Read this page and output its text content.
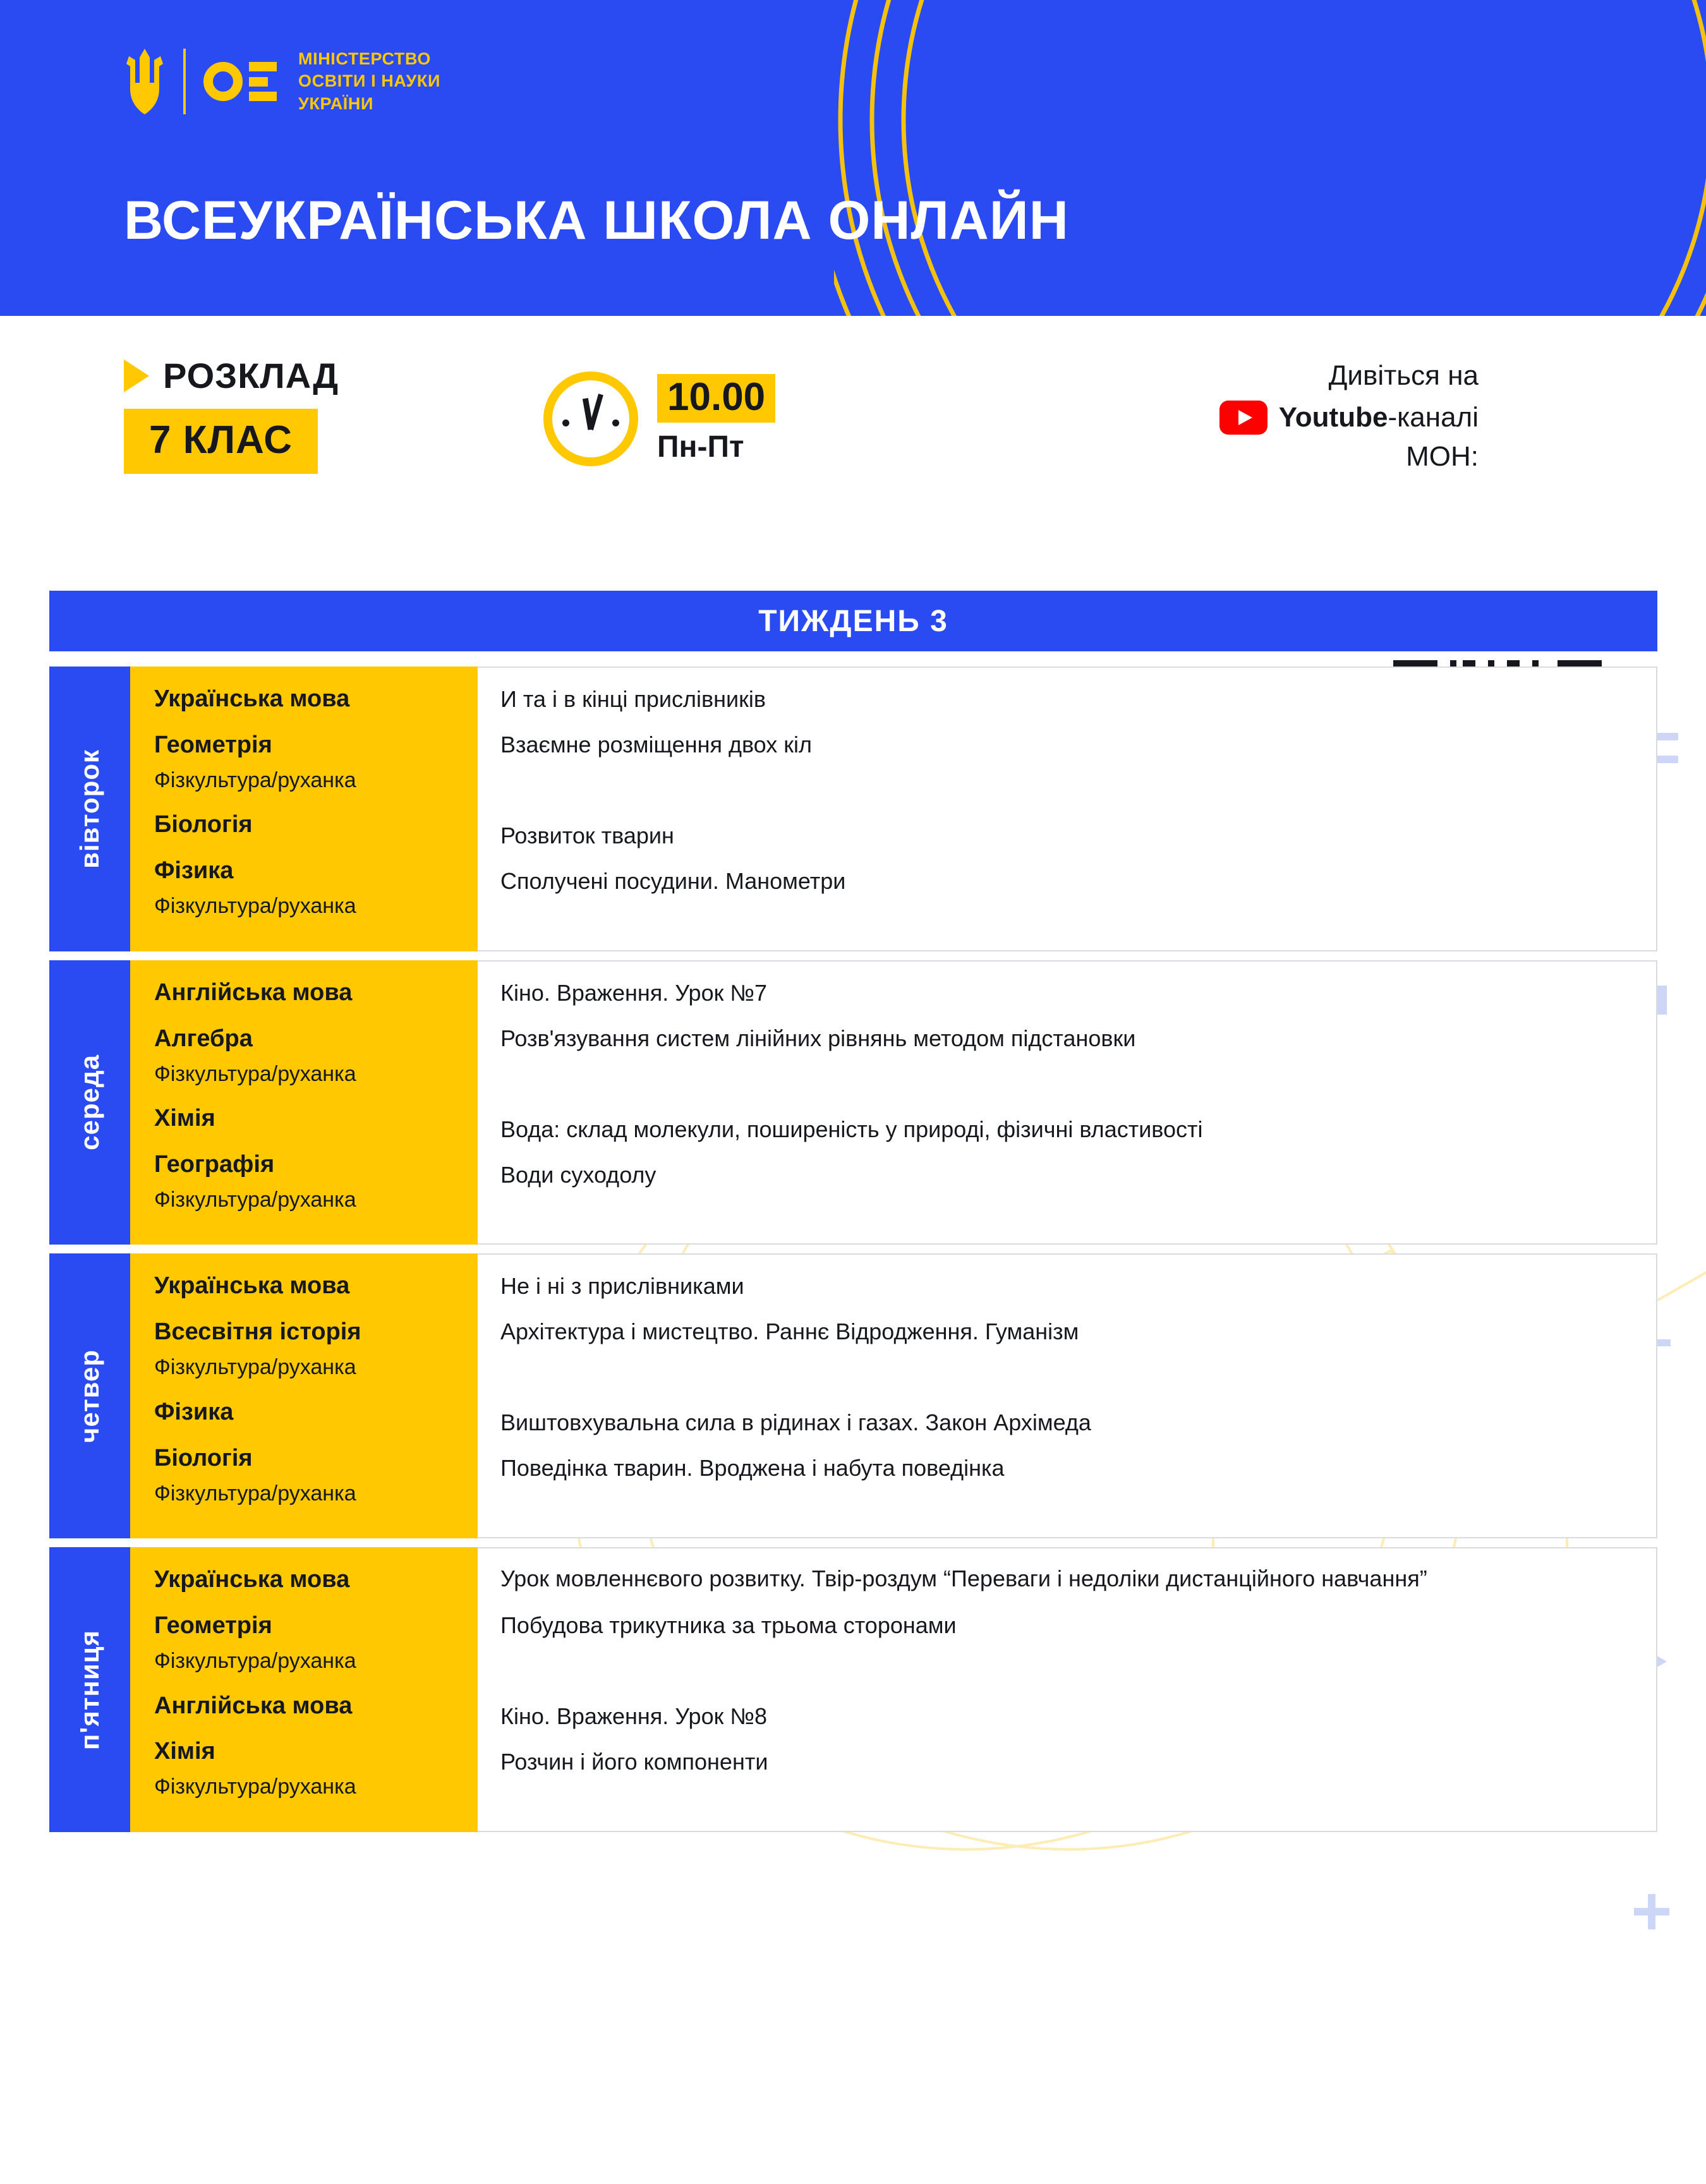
МІНІСТЕРСТВО
ОСВІТИ І НАУКИ
УКРАЇНИ
ВСЕУКРАЇНСЬКА ШКОЛА ОНЛАЙН
РОЗКЛАД
7 КЛАС
10.00
Пн-Пт
Дивіться на
Youtube-каналі
МОН:
ТИЖДЕНЬ 3
вівторок
Українська мова
Геометрія
Фізкультура/руханка
Біологія
Фізика
Фізкультура/руханка
И та і в кінці прислівників
Взаємне розміщення двох кіл
Розвиток тварин
Сполучені посудини. Манометри
середа
Англійська мова
Алгебра
Фізкультура/руханка
Хімія
Географія
Фізкультура/руханка
Кіно. Враження. Урок №7
Розв'язування систем лінійних рівнянь методом підстановки
Вода: склад молекули, поширеність у природі, фізичні властивості
Води суходолу
четвер
Українська мова
Всесвітня історія
Фізкультура/руханка
Фізика
Біологія
Фізкультура/руханка
Не і ні з прислівниками
Архітектура і мистецтво. Раннє Відродження. Гуманізм
Виштовхувальна сила в рідинах і газах. Закон Архімеда
Поведінка тварин. Вроджена і набута поведінка
п'ятниця
Українська мова
Геометрія
Фізкультура/руханка
Англійська мова
Хімія
Фізкультура/руханка
Урок мовленнєвого розвитку. Твір-роздум “Переваги і недоліки дистанційного навчання”
Побудова трикутника за трьома сторонами
Кіно. Враження. Урок №8
Розчин і його компоненти
